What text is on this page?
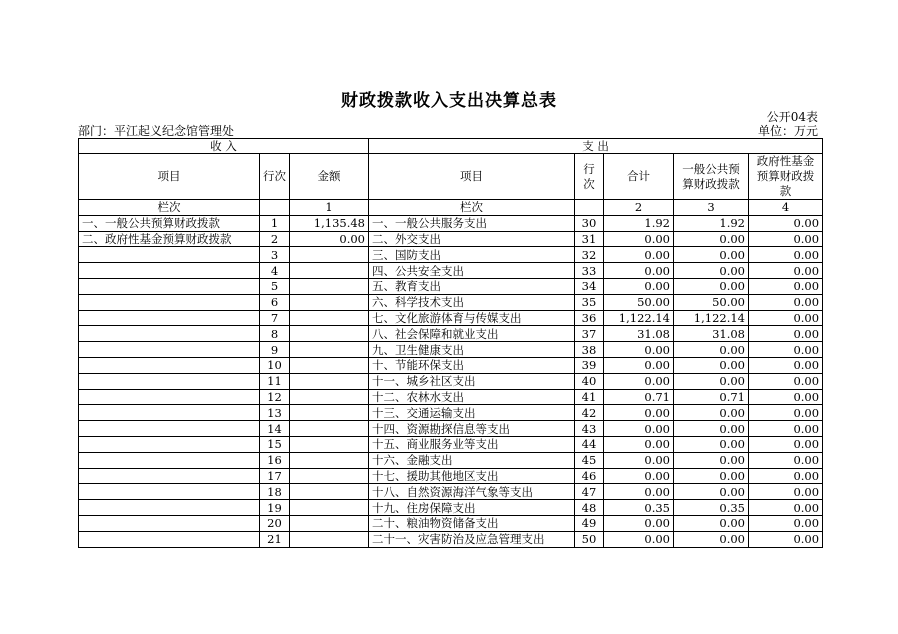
财政拨款收入支出决算总表
公开04表
部门：平江起义纪念馆管理处	单位：万元
收 入			支 出				
项目	行次	金额	项目	行次	合计	一般公共预算财政拨款	政府性基金预算财政拨款
栏次		1	栏次		2	3	4
一、一般公共预算财政拨款	1	1,135.48	一、一般公共服务支出	30	1.92	1.92	0.00
二、政府性基金预算财政拨款	2	0.00	二、外交支出	31	0.00	0.00	0.00
	3		三、国防支出	32	0.00	0.00	0.00
	4		四、公共安全支出	33	0.00	0.00	0.00
	5		五、教育支出	34	0.00	0.00	0.00
	6		六、科学技术支出	35	50.00	50.00	0.00
	7		七、文化旅游体育与传媒支出	36	1,122.14	1,122.14	0.00
	8		八、社会保障和就业支出	37	31.08	31.08	0.00
	9		九、卫生健康支出	38	0.00	0.00	0.00
	10		十、节能环保支出	39	0.00	0.00	0.00
	11		十一、城乡社区支出	40	0.00	0.00	0.00
	12		十二、农林水支出	41	0.71	0.71	0.00
	13		十三、交通运输支出	42	0.00	0.00	0.00
	14		十四、资源勘探信息等支出	43	0.00	0.00	0.00
	15		十五、商业服务业等支出	44	0.00	0.00	0.00
	16		十六、金融支出	45	0.00	0.00	0.00
	17		十七、援助其他地区支出	46	0.00	0.00	0.00
	18		十八、自然资源海洋气象等支出	47	0.00	0.00	0.00
	19		十九、住房保障支出	48	0.35	0.35	0.00
	20		二十、粮油物资储备支出	49	0.00	0.00	0.00
	21		二十一、灾害防治及应急管理支出	50	0.00	0.00	0.00
